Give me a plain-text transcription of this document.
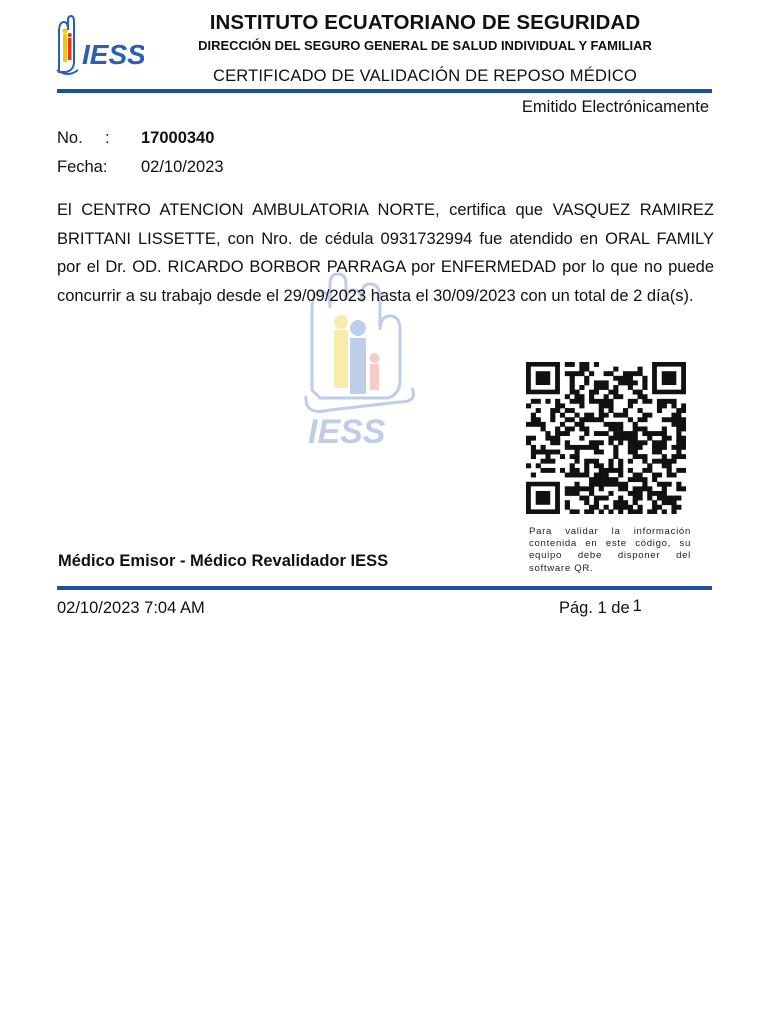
IESS
INSTITUTO ECUATORIANO DE SEGURIDAD
DIRECCIÓN DEL SEGURO GENERAL DE SALUD INDIVIDUAL Y FAMILIAR
CERTIFICADO DE VALIDACIÓN DE REPOSO MÉDICO
Emitido Electrónicamente
No. : 17000340
Fecha: 02/10/2023
IESS
El CENTRO ATENCION AMBULATORIA NORTE, certifica que VASQUEZ RAMIREZ BRITTANI LISSETTE, con Nro. de cédula 0931732994 fue atendido en ORAL FAMILY por el Dr. OD. RICARDO BORBOR PARRAGA por ENFERMEDAD por lo que no puede concurrir a su trabajo desde el 29/09/2023 hasta el 30/09/2023 con un total de 2 día(s).
Para validar la información contenida en este código, su equipo debe disponer del software QR.
Médico Emisor - Médico Revalidador IESS
02/10/2023 7:04 AM	Pág. 1 de 1
